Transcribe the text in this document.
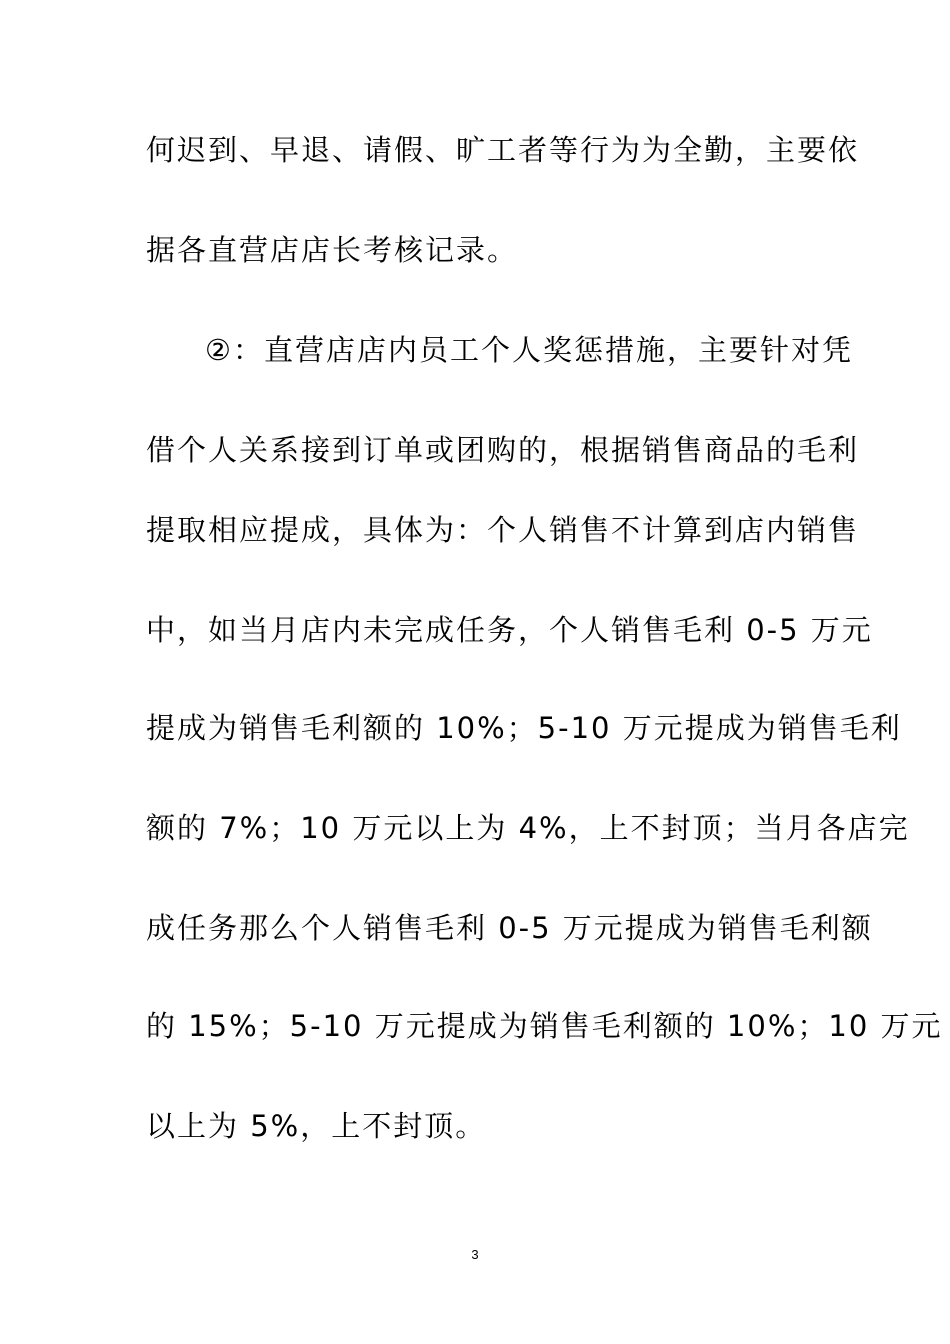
何迟到、早退、请假、旷工者等行为为全勤，主要依
据各直营店店长考核记录。
②：直营店店内员工个人奖惩措施，主要针对凭
借个人关系接到订单或团购的，根据销售商品的毛利
提取相应提成，具体为：个人销售不计算到店内销售
中，如当月店内未完成任务，个人销售毛利 0-5 万元
提成为销售毛利额的 10%；5-10 万元提成为销售毛利
额的 7%；10 万元以上为 4%，上不封顶；当月各店完
成任务那么个人销售毛利 0-5 万元提成为销售毛利额
的 15%；5-10 万元提成为销售毛利额的 10%；10 万元
以上为 5%，上不封顶。
3
